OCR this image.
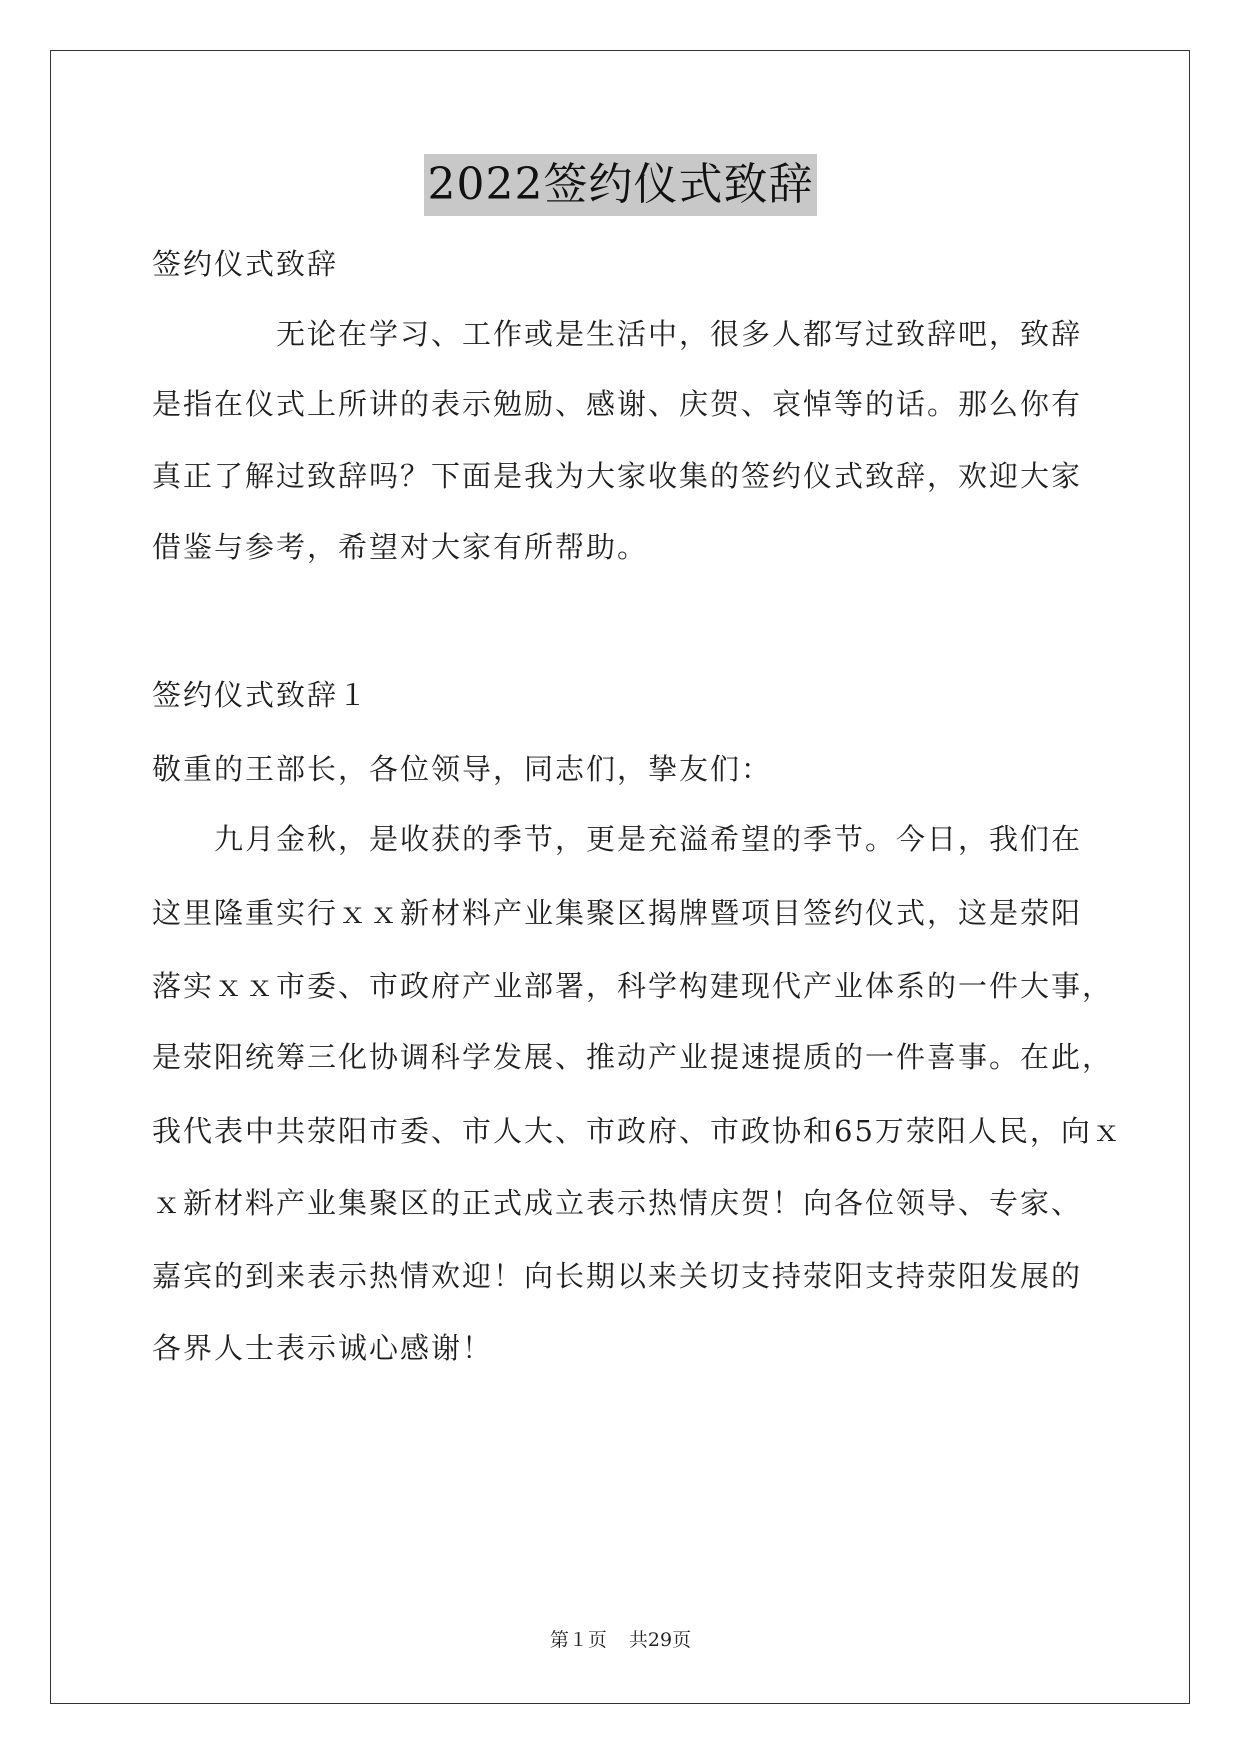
2022签约仪式致辞
签约仪式致辞
　　　　无论在学习、工作或是生活中，很多人都写过致辞吧，致辞
是指在仪式上所讲的表示勉励、感谢、庆贺、哀悼等的话。那么你有
真正了解过致辞吗？下面是我为大家收集的签约仪式致辞，欢迎大家
借鉴与参考，希望对大家有所帮助。
签约仪式致辞１
敬重的王部长，各位领导，同志们，挚友们：
　　九月金秋，是收获的季节，更是充溢希望的季节。今日，我们在
这里隆重实行ｘｘ新材料产业集聚区揭牌暨项目签约仪式，这是荥阳
落实ｘｘ市委、市政府产业部署，科学构建现代产业体系的一件大事，
是荥阳统筹三化协调科学发展、推动产业提速提质的一件喜事。在此，
我代表中共荥阳市委、市人大、市政府、市政协和65万荥阳人民，向ｘ
ｘ新材料产业集聚区的正式成立表示热情庆贺！向各位领导、专家、
嘉宾的到来表示热情欢迎！向长期以来关切支持荥阳支持荥阳发展的
各界人士表示诚心感谢！
第１页 共29页
